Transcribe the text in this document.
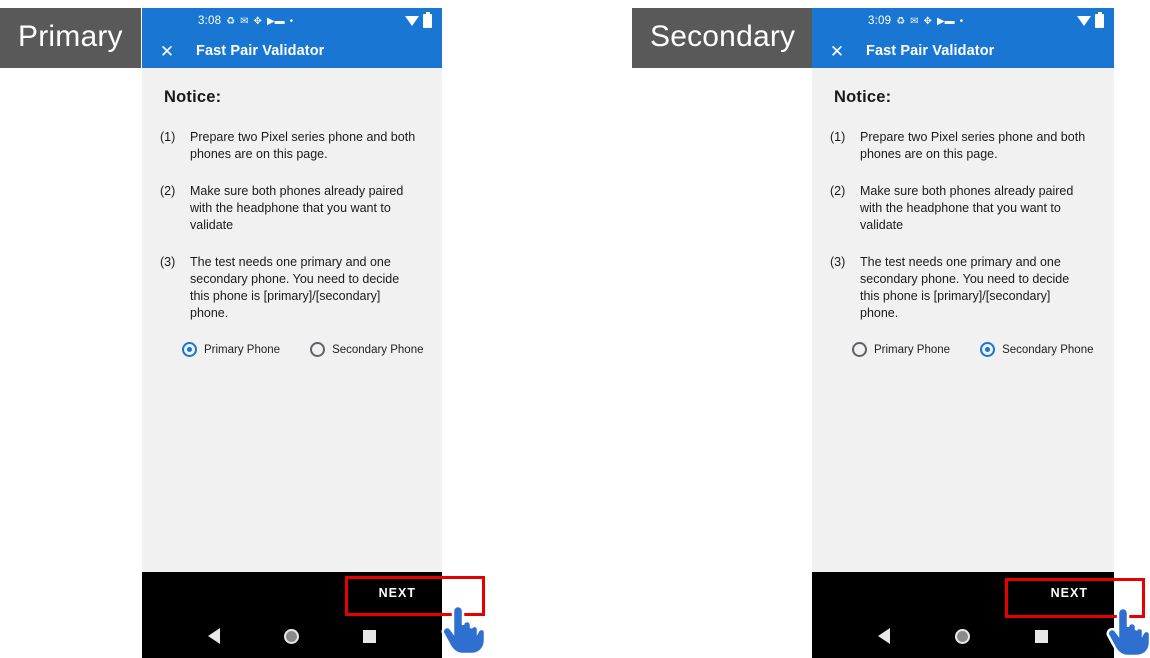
Primary	3:08 ♻ ✉ ✥ ▶▬ •
✕ Fast Pair Validator
Notice:
(1)	Prepare two Pixel series phone and both phones are on this page.
(2)	Make sure both phones already paired with the headphone that you want to validate
(3)	The test needs one primary and one secondary phone. You need to decide this phone is [primary]/[secondary] phone.
Primary Phone	Secondary Phone
NEXT
Secondary	3:09 ♻ ✉ ✥ ▶▬ •
✕ Fast Pair Validator
Notice:
(1)	Prepare two Pixel series phone and both phones are on this page.
(2)	Make sure both phones already paired with the headphone that you want to validate
(3)	The test needs one primary and one secondary phone. You need to decide this phone is [primary]/[secondary] phone.
Primary Phone	Secondary Phone
NEXT
